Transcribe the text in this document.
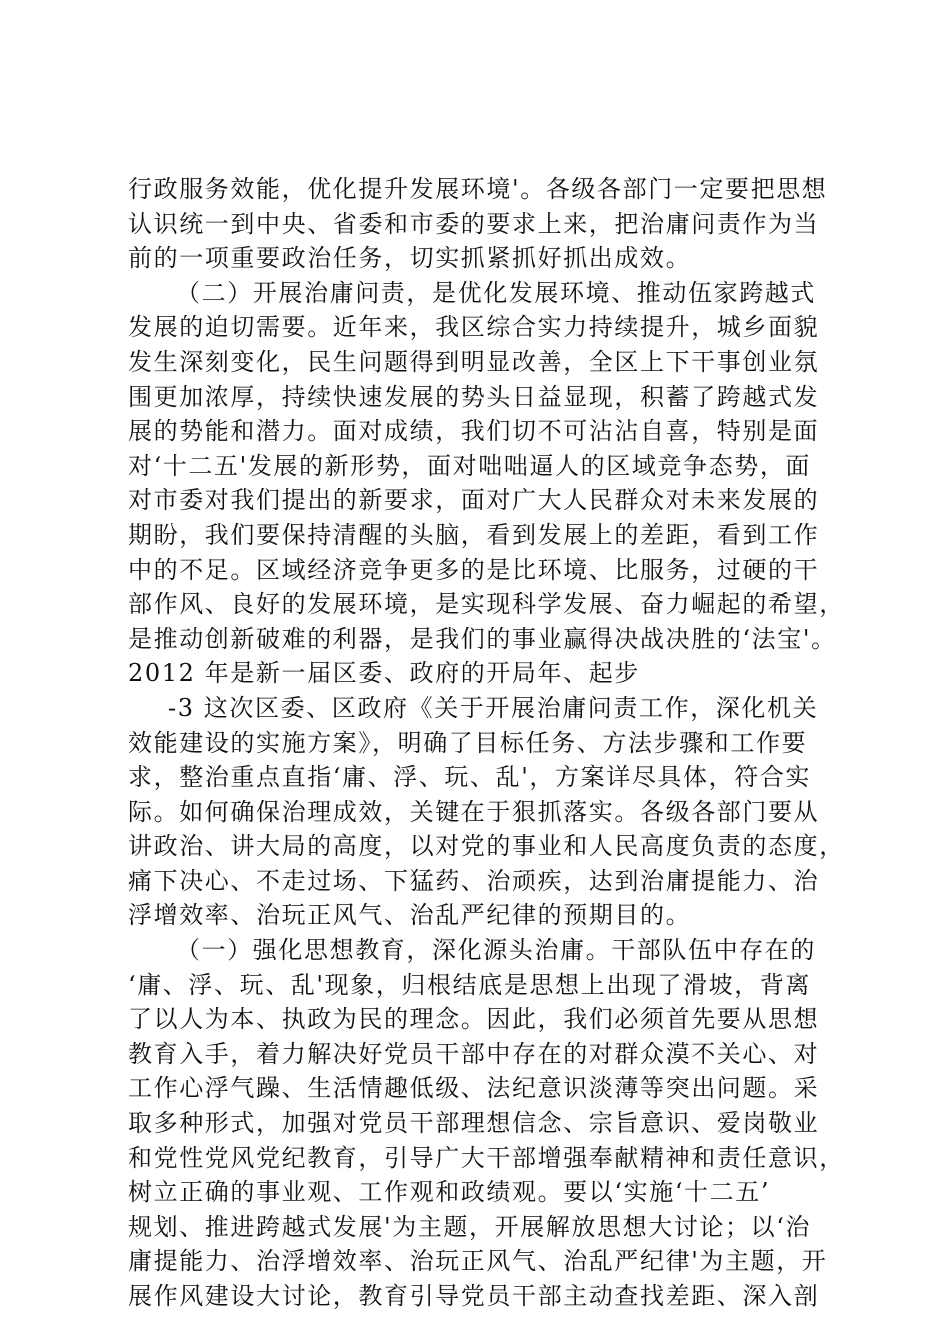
行政服务效能，优化提升发展环境'。各级各部门一定要把思想
认识统一到中央、省委和市委的要求上来，把治庸问责作为当
前的一项重要政治任务，切实抓紧抓好抓出成效。
（二）开展治庸问责，是优化发展环境、推动伍家跨越式
发展的迫切需要。近年来，我区综合实力持续提升，城乡面貌
发生深刻变化，民生问题得到明显改善，全区上下干事创业氛
围更加浓厚，持续快速发展的势头日益显现，积蓄了跨越式发
展的势能和潜力。面对成绩，我们切不可沾沾自喜，特别是面
对‘十二五'发展的新形势，面对咄咄逼人的区域竞争态势，面
对市委对我们提出的新要求，面对广大人民群众对未来发展的
期盼，我们要保持清醒的头脑，看到发展上的差距，看到工作
中的不足。区域经济竞争更多的是比环境、比服务，过硬的干
部作风、良好的发展环境，是实现科学发展、奋力崛起的希望，
是推动创新破难的利器，是我们的事业赢得决战决胜的‘法宝'。
2012 年是新一届区委、政府的开局年、起步
-3 这次区委、区政府《关于开展治庸问责工作，深化机关
效能建设的实施方案》，明确了目标任务、方法步骤和工作要
求，整治重点直指‘庸、浮、玩、乱'，方案详尽具体，符合实
际。如何确保治理成效，关键在于狠抓落实。各级各部门要从
讲政治、讲大局的高度，以对党的事业和人民高度负责的态度，
痛下决心、不走过场、下猛药、治顽疾，达到治庸提能力、治
浮增效率、治玩正风气、治乱严纪律的预期目的。
（一）强化思想教育，深化源头治庸。干部队伍中存在的
‘庸、浮、玩、乱'现象，归根结底是思想上出现了滑坡，背离
了以人为本、执政为民的理念。因此，我们必须首先要从思想
教育入手，着力解决好党员干部中存在的对群众漠不关心、对
工作心浮气躁、生活情趣低级、法纪意识淡薄等突出问题。采
取多种形式，加强对党员干部理想信念、宗旨意识、爱岗敬业
和党性党风党纪教育，引导广大干部增强奉献精神和责任意识，
树立正确的事业观、工作观和政绩观。要以‘实施‘十二五’
规划、推进跨越式发展'为主题，开展解放思想大讨论；以‘治
庸提能力、治浮增效率、治玩正风气、治乱严纪律'为主题，开
展作风建设大讨论，教育引导党员干部主动查找差距、深入剖
